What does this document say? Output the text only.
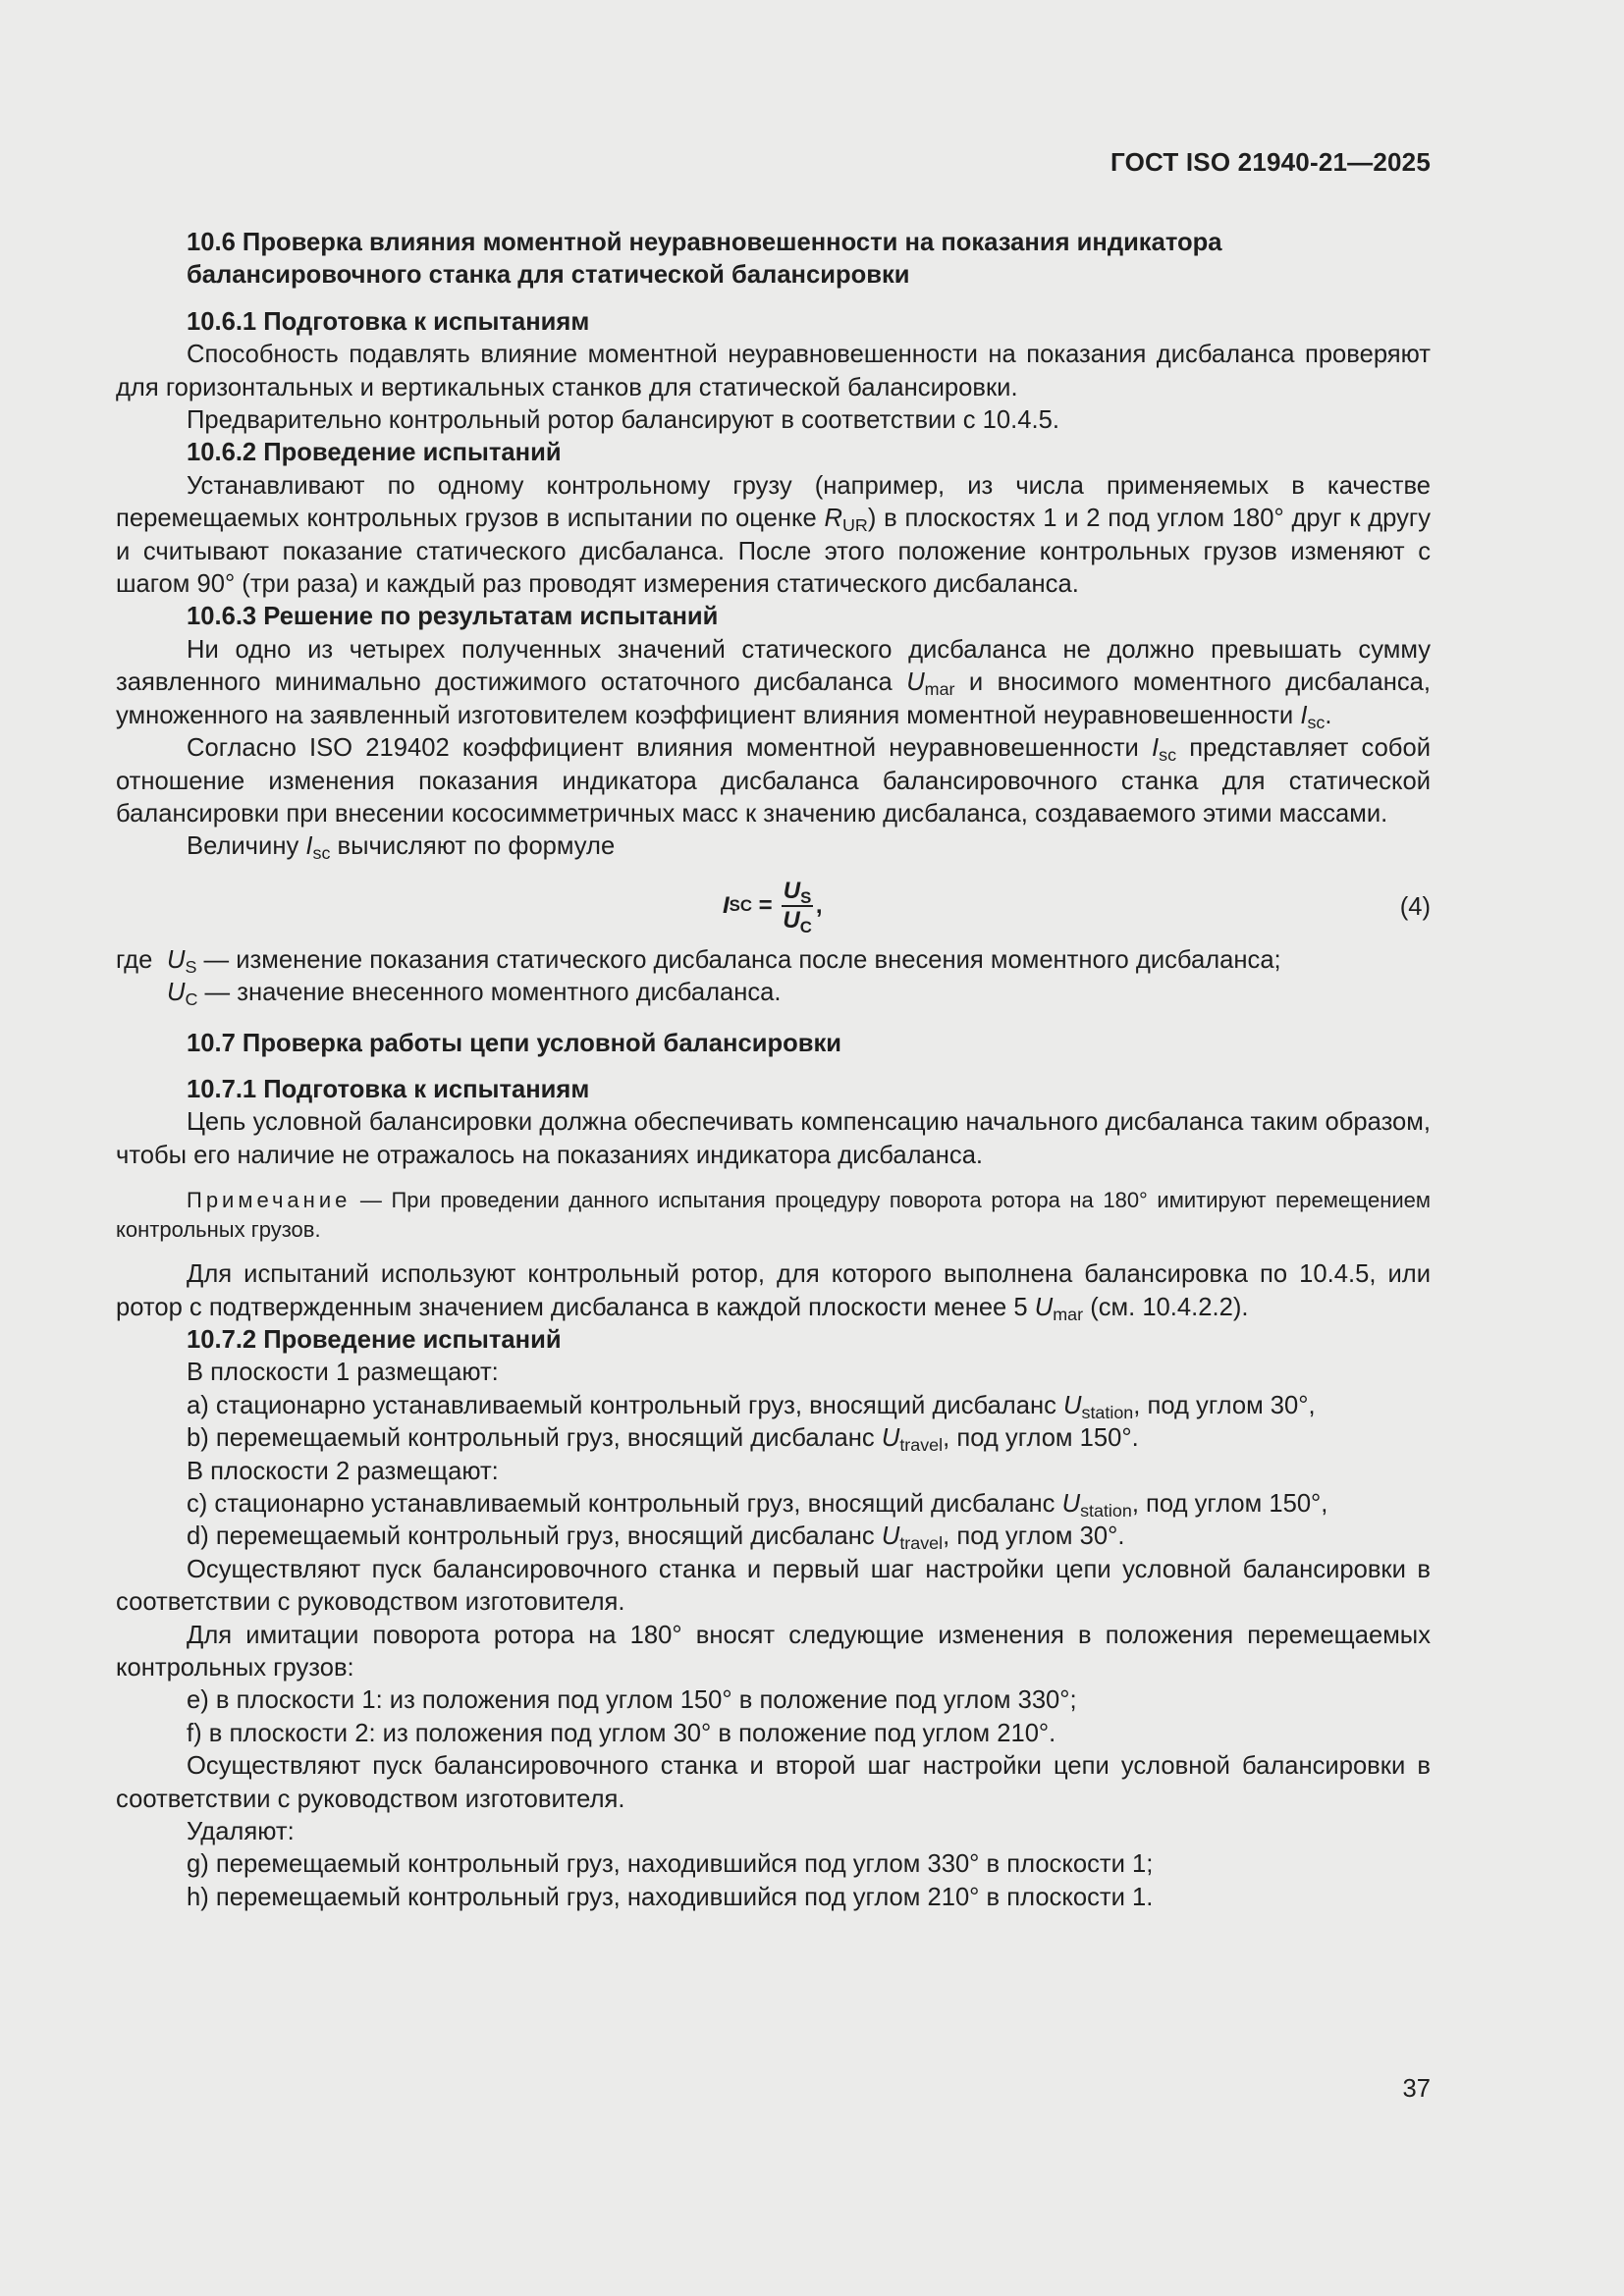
ГОСТ ISO 21940-21—2025

10.6 Проверка влияния моментной неуравновешенности на показания индикатора
балансировочного станка для статической балансировки

10.6.1 Подготовка к испытаниям

Способность подавлять влияние моментной неуравновешенности на показания дисбаланса проверяют для горизонтальных и вертикальных станков для статической балансировки.

Предварительно контрольный ротор балансируют в соответствии с 10.4.5.

10.6.2 Проведение испытаний

Устанавливают по одному контрольному грузу (например, из числа применяемых в качестве перемещаемых контрольных грузов в испытании по оценке $R_{UR}$) в плоскостях 1 и 2 под углом 180° друг к другу и считывают показание статического дисбаланса. После этого положение контрольных грузов изменяют с шагом 90° (три раза) и каждый раз проводят измерения статического дисбаланса.

10.6.3 Решение по результатам испытаний

Ни одно из четырех полученных значений статического дисбаланса не должно превышать сумму заявленного минимально достижимого остаточного дисбаланса $U_{mar}$ и вносимого моментного дисбаланса, умноженного на заявленный изготовителем коэффициент влияния моментной неуравновешенности $I_{sc}$.

Согласно ISO 219402 коэффициент влияния моментной неуравновешенности $I_{sc}$ представляет собой отношение изменения показания индикатора дисбаланса балансировочного станка для статической балансировки при внесении кососимметричных масс к значению дисбаланса, создаваемого этими массами.

Величину $I_{sc}$ вычисляют по формуле

I SC = $\frac{U_S}{U_C}$ ,	(4)

где $U_S$ — изменение показания статического дисбаланса после внесения моментного дисбаланса;

$U_C$ — значение внесенного моментного дисбаланса.

10.7 Проверка работы цепи условной балансировки

10.7.1 Подготовка к испытаниям

Цепь условной балансировки должна обеспечивать компенсацию начального дисбаланса таким образом, чтобы его наличие не отражалось на показаниях индикатора дисбаланса.

Примечание — При проведении данного испытания процедуру поворота ротора на 180° имитируют перемещением контрольных грузов.

Для испытаний используют контрольный ротор, для которого выполнена балансировка по 10.4.5, или ротор с подтвержденным значением дисбаланса в каждой плоскости менее 5 $U_{mar}$ (см. 10.4.2.2).

10.7.2 Проведение испытаний

В плоскости 1 размещают:

a) стационарно устанавливаемый контрольный груз, вносящий дисбаланс $U_{station}$, под углом 30°,

b) перемещаемый контрольный груз, вносящий дисбаланс $U_{travel}$, под углом 150°.

В плоскости 2 размещают:

c) стационарно устанавливаемый контрольный груз, вносящий дисбаланс $U_{station}$, под углом 150°,

d) перемещаемый контрольный груз, вносящий дисбаланс $U_{travel}$, под углом 30°.

Осуществляют пуск балансировочного станка и первый шаг настройки цепи условной балансировки в соответствии с руководством изготовителя.

Для имитации поворота ротора на 180° вносят следующие изменения в положения перемещаемых контрольных грузов:

e) в плоскости 1: из положения под углом 150° в положение под углом 330°;

f) в плоскости 2: из положения под углом 30° в положение под углом 210°.

Осуществляют пуск балансировочного станка и второй шаг настройки цепи условной балансировки в соответствии с руководством изготовителя.

Удаляют:

g) перемещаемый контрольный груз, находившийся под углом 330° в плоскости 1;

h) перемещаемый контрольный груз, находившийся под углом 210° в плоскости 1.

37
